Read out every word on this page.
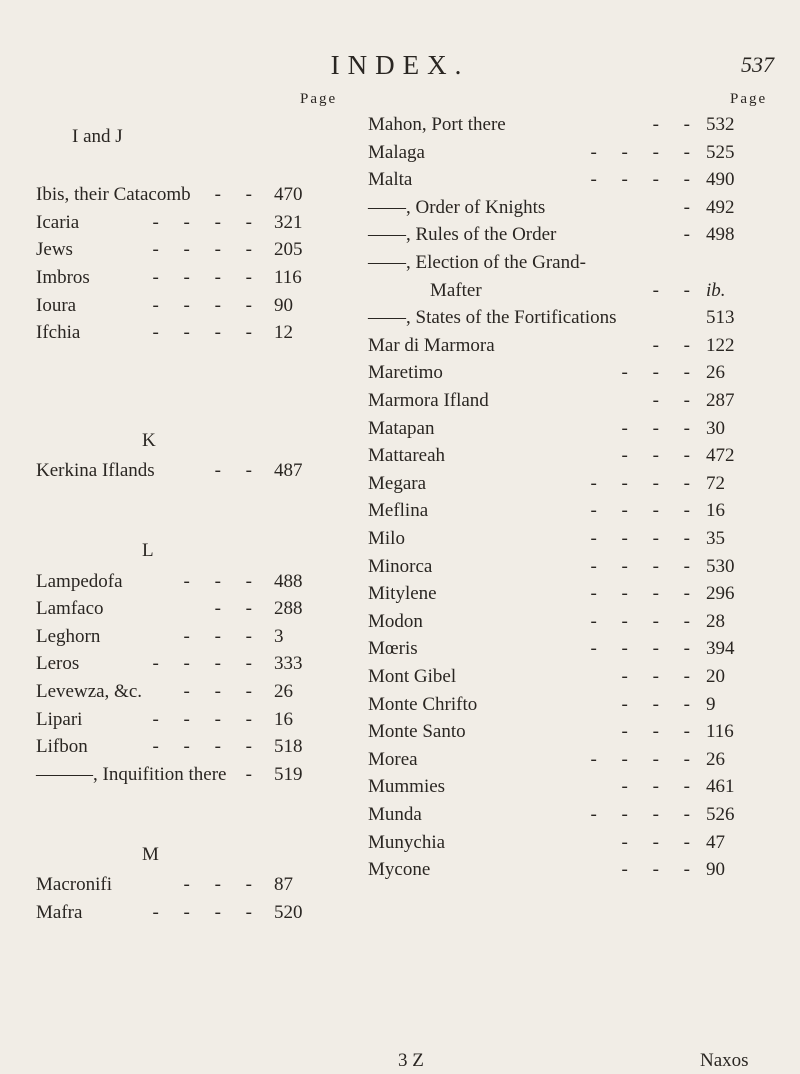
INDEX.	537
Page	Page
I and J
Ibis, their Catacomb - - 470
Icaria	- - - - 321
Jews	- - - - 205
Imbros	- - - - 116
Ioura	- - - - 90
Ifchia	- - - - 12
K
Kerkina Iflands	- - 487
L
Lampedofa	- - - 488
Lamfaco	- - 288
Leghorn	- - - 3
Leros	- - - - 333
Levewza, &c. - - - 26
Lipari	- - - - 16
Lifbon	- - - - 518
———, Inquifition there - 519
M
Macronifi	- - - 87
Mafra	- - - - 520
Mahon, Port there	- - 532
Malaga	- - - - 525
Malta	- - - - 490
——, Order of Knights	- 492
——, Rules of the Order	- 498
——, Election of the Grand-
Mafter	- - ib.
——, States of the Fortifications	513
Mar di Marmora	- - 122
Maretimo	- - - 26
Marmora Ifland	- - 287
Matapan	- - - 30
Mattareah	- - - 472
Megara	- - - - 72
Meflina	- - - - 16
Milo	- - - - 35
Minorca	- - - - 530
Mitylene	- - - - 296
Modon	- - - - 28
Mœris	- - - - 394
Mont Gibel	- - - 20
Monte Chrifto	- - - 9
Monte Santo	- - - 116
Morea	- - - - 26
Mummies	- - - 461
Munda	- - - - 526
Munychia	- - - 47
Mycone	- - - 90
3 Z	Naxos
